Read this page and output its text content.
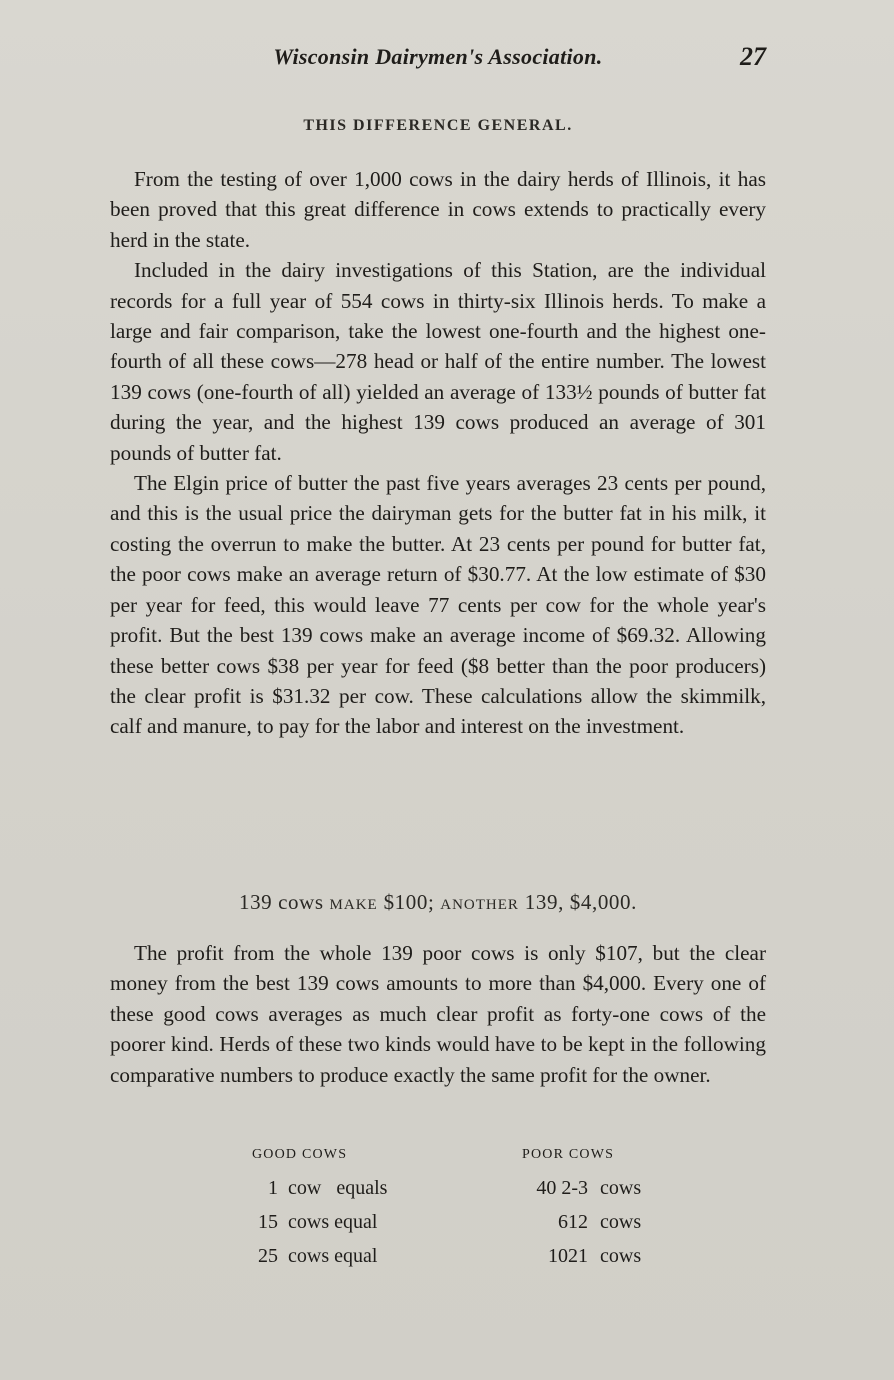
Wisconsin Dairymen's Association.	27
THIS DIFFERENCE GENERAL.

From the testing of over 1,000 cows in the dairy herds of Illinois, it has been proved that this great difference in cows extends to practically every herd in the state.

Included in the dairy investigations of this Station, are the individual records for a full year of 554 cows in thirty-six Illinois herds. To make a large and fair comparison, take the lowest one-fourth and the highest one-fourth of all these cows—278 head or half of the entire number. The lowest 139 cows (one-fourth of all) yielded an average of 133½ pounds of butter fat during the year, and the highest 139 cows produced an average of 301 pounds of butter fat.

The Elgin price of butter the past five years averages 23 cents per pound, and this is the usual price the dairyman gets for the butter fat in his milk, it costing the overrun to make the butter. At 23 cents per pound for butter fat, the poor cows make an average return of $30.77. At the low estimate of $30 per year for feed, this would leave 77 cents per cow for the whole year's profit. But the best 139 cows make an average income of $69.32. Allowing these better cows $38 per year for feed ($8 better than the poor producers) the clear profit is $31.32 per cow. These calculations allow the skimmilk, calf and manure, to pay for the labor and interest on the investment.

139 cows MAKE $100; ANOTHER 139, $4,000.

The profit from the whole 139 poor cows is only $107, but the clear money from the best 139 cows amounts to more than $4,000. Every one of these good cows averages as much clear profit as forty-one cows of the poorer kind. Herds of these two kinds would have to be kept in the following comparative numbers to produce exactly the same profit for the owner.

GOOD COWS	POOR COWS
1 cow   equals	40 2-3 cows
15 cows equal	612 cows
25 cows equal	1021 cows
